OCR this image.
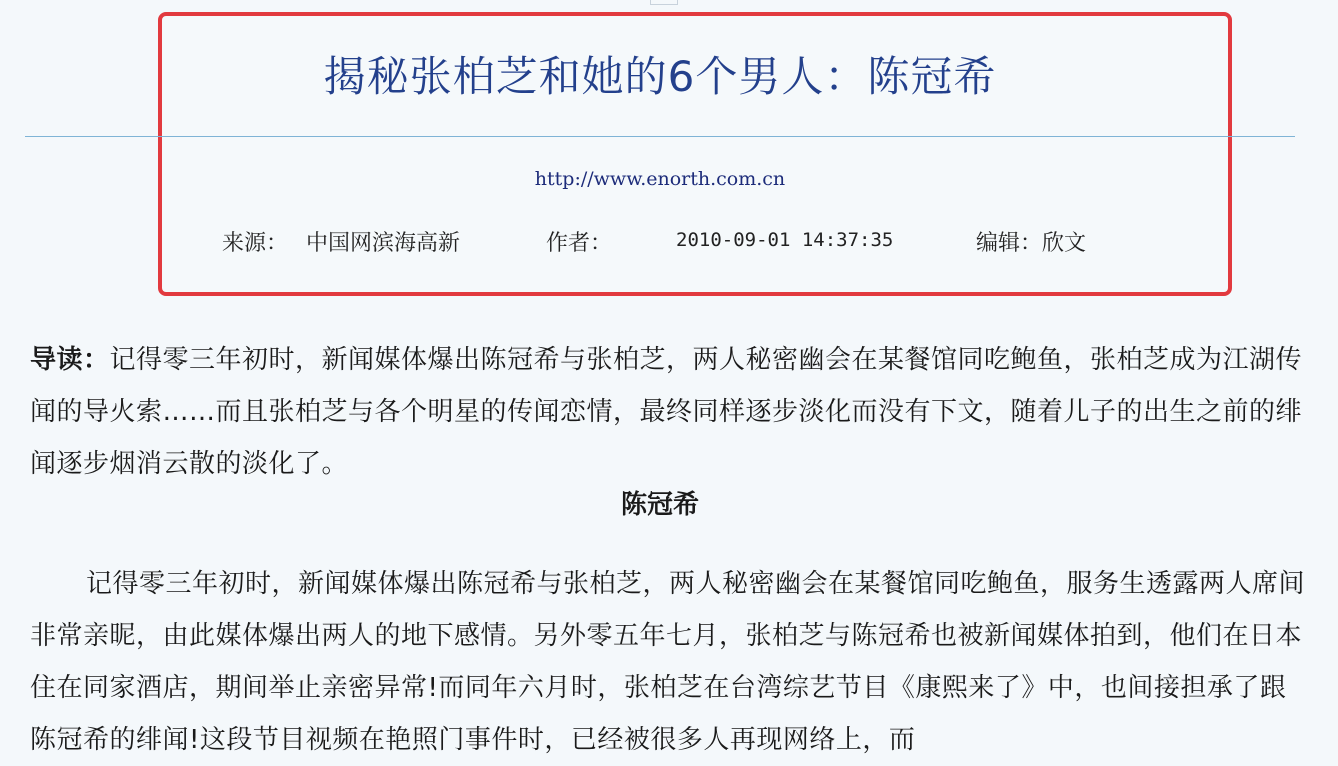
揭秘张柏芝和她的6个男人：陈冠希
http://www.enorth.com.cn
来源： 中国网滨海高新	作者：	2010-09-01 14:37:35	编辑：欣文
导读：记得零三年初时，新闻媒体爆出陈冠希与张柏芝，两人秘密幽会在某餐馆同吃鲍鱼，张柏芝成为江湖传闻的导火索……而且张柏芝与各个明星的传闻恋情，最终同样逐步淡化而没有下文，随着儿子的出生之前的绯闻逐步烟消云散的淡化了。
陈冠希
记得零三年初时，新闻媒体爆出陈冠希与张柏芝，两人秘密幽会在某餐馆同吃鲍鱼，服务生透露两人席间非常亲昵，由此媒体爆出两人的地下感情。另外零五年七月，张柏芝与陈冠希也被新闻媒体拍到，他们在日本住在同家酒店，期间举止亲密异常!而同年六月时，张柏芝在台湾综艺节目《康熙来了》中，也间接担承了跟陈冠希的绯闻!这段节目视频在艳照门事件时，已经被很多人再现网络上，而
